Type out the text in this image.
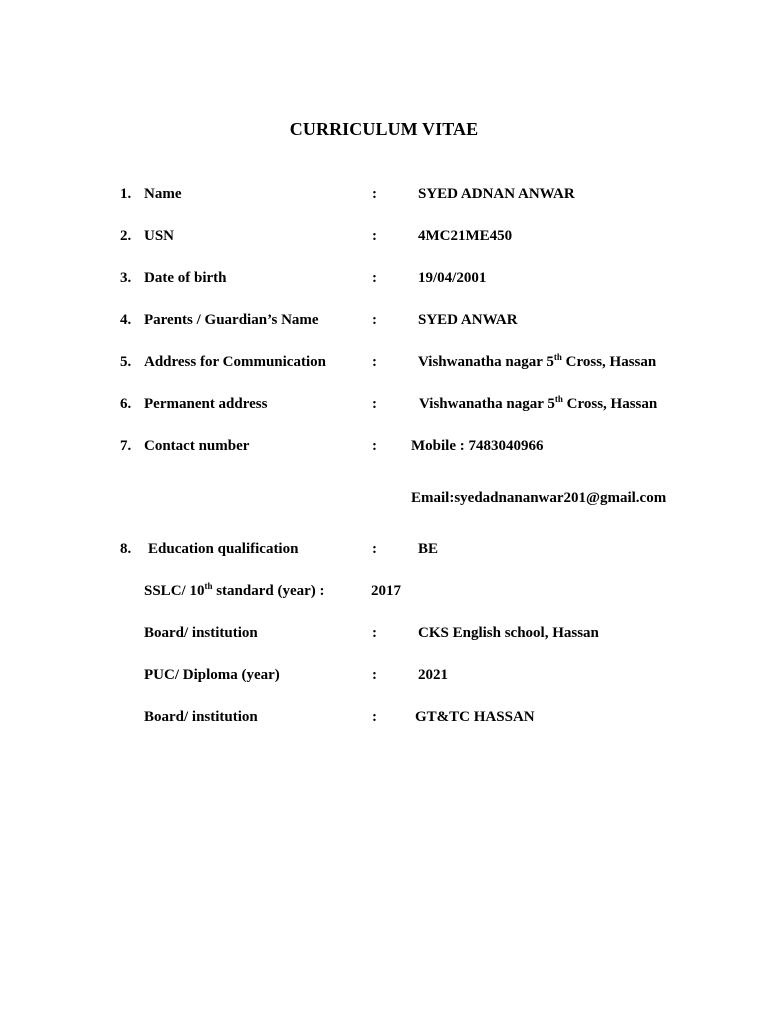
CURRICULUM VITAE
1. Name	:	SYED ADNAN ANWAR
2. USN	:	4MC21ME450
3. Date of birth	:	19/04/2001
4. Parents / Guardian’s Name	:	SYED ANWAR
5. Address for Communication	:	Vishwanatha nagar 5th Cross, Hassan
6. Permanent address	:	Vishwanatha nagar 5th Cross, Hassan
7. Contact number	: Mobile : 7483040966
Email:syedadnananwar201@gmail.com
8. Education qualification	:	BE
SSLC/ 10th standard (year) :	2017
Board/ institution	:	CKS English school, Hassan
PUC/ Diploma (year)	:	2021
Board/ institution	:	GT&TC HASSAN
